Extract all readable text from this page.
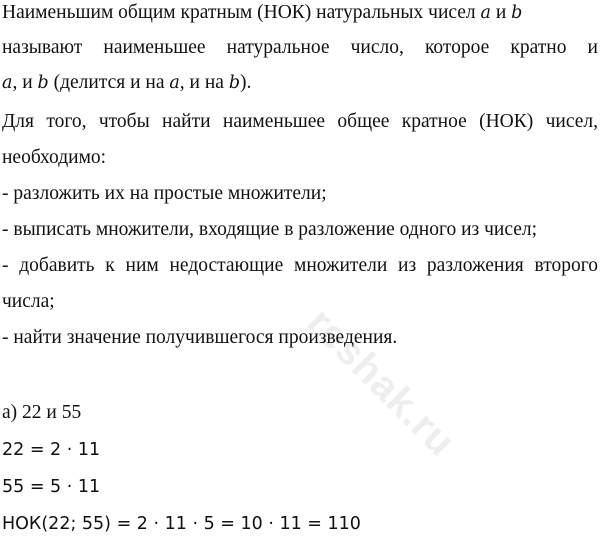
reshak.ru
Наименьшим общим кратным (НОК) натуральных чисел a и b
называют наименьшее натуральное число, которое кратно и
a, и b (делится и на a, и на b).
Для того, чтобы найти наименьшее общее кратное (НОК) чисел,
необходимо:
- разложить их на простые множители;
- выписать множители, входящие в разложение одного из чисел;
- добавить к ним недостающие множители из разложения второго
числа;
- найти значение получившегося произведения.
а) 22 и 55
22 = 2 · 11
55 = 5 · 11
НОК(22; 55) = 2 · 11 · 5 = 10 · 11 = 110
